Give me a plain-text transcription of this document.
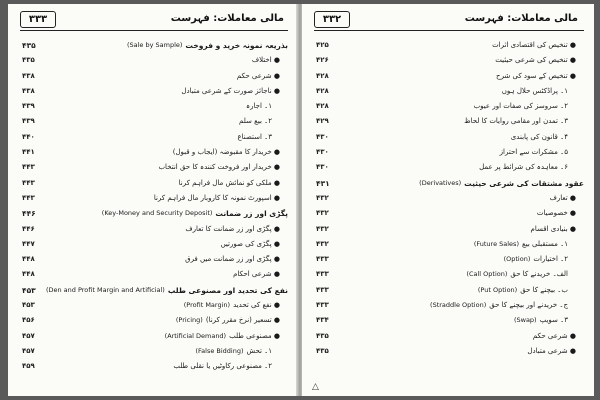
۳۳۳	مالی معاملات: فہرست
۴۳۵	بذریعہ نمونہ خرید و فروخت
(Sale by Sample)
۴۳۵	● اختلاف
۴۳۸	● شرعی حکم
۴۳۸	● ناجائز صورت کے شرعی متبادل
۴۳۹	۱۔ اجارہ
۴۳۹	۲۔ بیع سلم
۴۴۰	۳۔ استصناع
۴۴۱	● خریدار کا مقبوضہ (ایجاب و قبول)
۴۴۳	● خریدار اور فروخت کنندہ کا حق انتخاب
۴۴۳	● ملکی کو نمائش مال فراہم کرنا
۴۴۳	● اسپورٹ نمونہ کا کاروبار مال فراہم کرنا
۴۴۶	پگڑی اور زر ضمانت
(Key-Money and Security Deposit)
۴۴۶	● پگڑی اور زر ضمانت کا تعارف
۴۴۷	● پگڑی کی صورتیں
۴۴۸	● پگڑی اور زر ضمانت میں فرق
۴۴۸	● شرعی احکام
۴۵۳	نفع کی تحدید اور مصنوعی طلب
(Den and Profit Margin and Artificial)
۴۵۳	● نفع کی تحدید
(Profit Margin)
۴۵۶	● تسعیر (نرخ مقرر کرنا)
(Pricing)
۴۵۷	● مصنوعی طلب
(Artificial Demand)
۴۵۷	۱۔ تحش
(False Bidding)
۴۵۹	۲۔ مصنوعی رکاوٹیں یا نقلی طلب
۳۳۲	مالی معاملات: فہرست
۴۲۵	● تنخیص کی اقتصادی اثرات
۴۲۶	● تنخیص کی شرعی حیثیت
۴۲۸	● تنخیص کے سود کی شرح
۴۲۸	۱۔ پراڈکٹس حلال ہوں
۴۲۸	۲۔ سروسز کی صفات اور عیوب
۴۲۹	۳۔ تمدن اور مقامی روایات کا لحاظ
۴۳۰	۴۔ قانون کی پابندی
۴۳۰	۵۔ مشکرات سے احتراز
۴۳۰	۶۔ معاہدہ کی شرائط پر عمل
۴۳۱	عقود مشتقات کی شرعی حیثیت
(Derivatives)
۴۳۲	● تعارف
۴۳۲	● خصوصیات
۴۳۲	● بنیادی اقسام
۴۳۲	۱۔ مستقبلی بیع
(Future Sales)
۴۳۳	۲۔ اختیارات
(Option)
۴۳۳	الف۔ خریدنے کا حق
(Call Option)
۴۳۳	ب۔ بیچنے کا حق
(Put Option)
۴۳۳	ج۔ خریدنے اور بیچنے کا حق
(Straddle Option)
۴۳۴	۳۔ سویپ
(Swap)
۴۳۵	● شرعی حکم
۴۳۵	● شرعی متبادل
△
